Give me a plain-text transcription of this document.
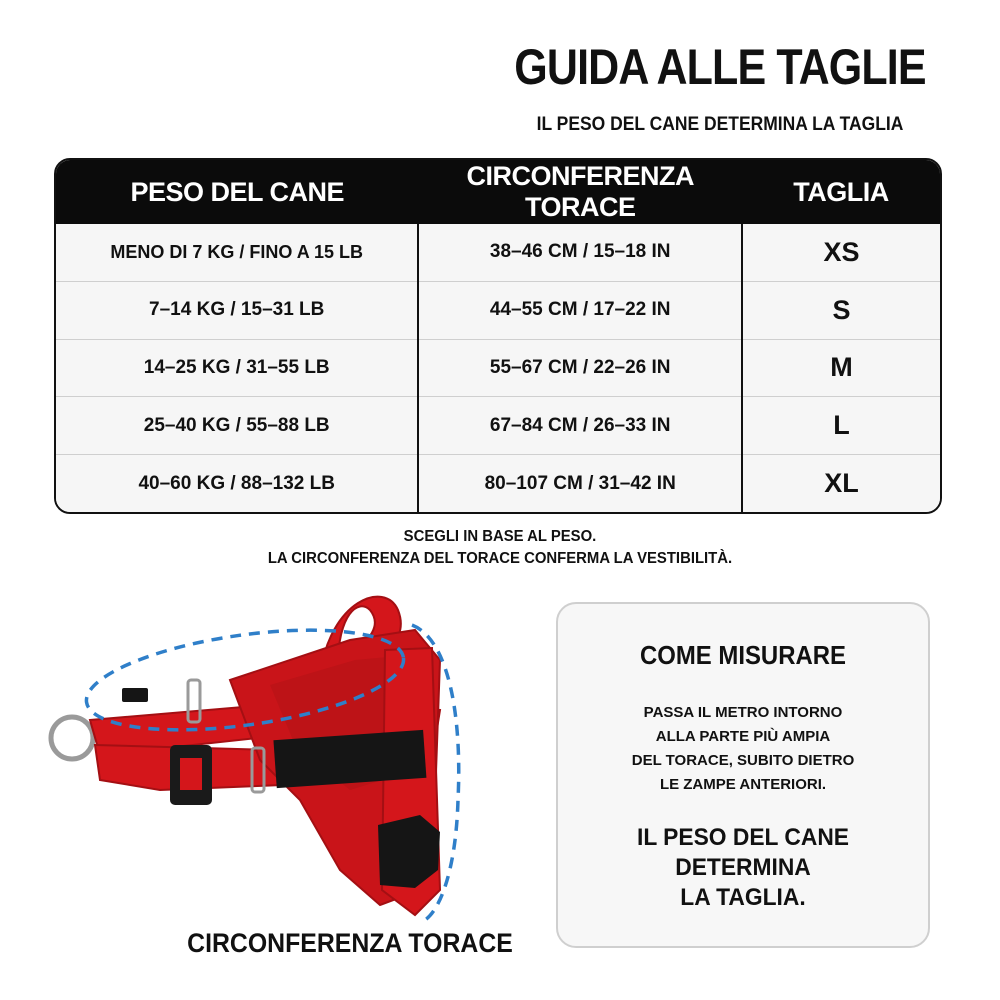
GUIDA ALLE TAGLIE

IL PESO DEL CANE DETERMINA LA TAGLIA

PESO DEL CANE	CIRCONFERENZA TORACE	TAGLIA
MENO DI 7 KG / FINO A 15 LB	38–46 CM / 15–18 IN	XS
7–14 KG / 15–31 LB	44–55 CM / 17–22 IN	S
14–25 KG / 31–55 LB	55–67 CM / 22–26 IN	M
25–40 KG / 55–88 LB	67–84 CM / 26–33 IN	L
40–60 KG / 88–132 LB	80–107 CM / 31–42 IN	XL
SCEGLI IN BASE AL PESO.
LA CIRCONFERENZA DEL TORACE CONFERMA LA VESTIBILITÀ.
CIRCONFERENZA TORACE
COME MISURARE
PASSA IL METRO INTORNO
ALLA PARTE PIÙ AMPIA
DEL TORACE, SUBITO DIETRO
LE ZAMPE ANTERIORI.
IL PESO DEL CANE
DETERMINA
LA TAGLIA.
